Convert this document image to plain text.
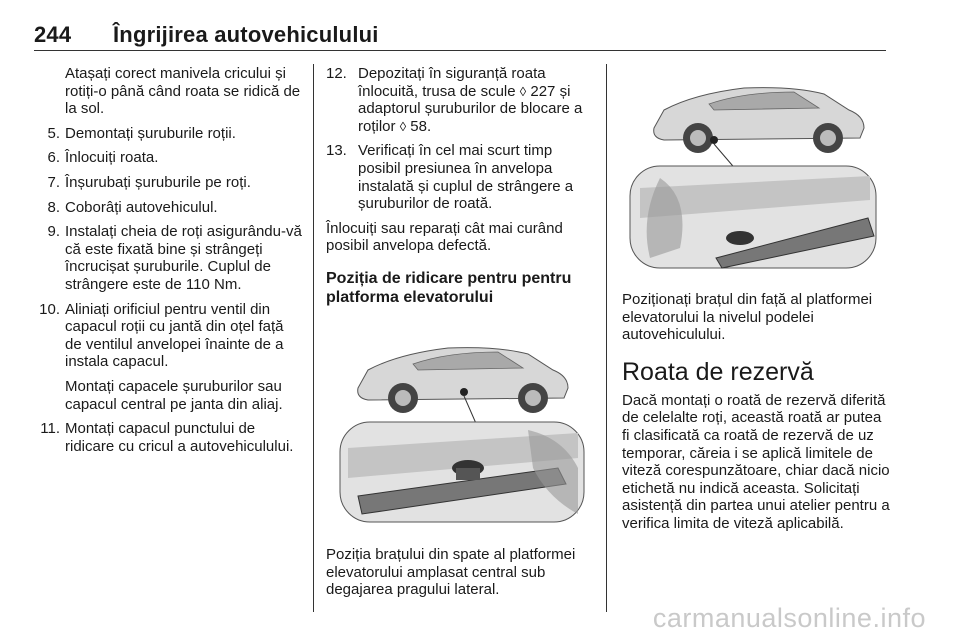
244 Îngrijirea autovehiculului
Atașați corect manivela cricului și rotiți-o până când roata se ridică de la sol.
5. Demontați șuruburile roții.
6. Înlocuiți roata.
7. Înșurubați șuruburile pe roți.
8. Coborâți autovehiculul.
9. Instalați cheia de roți asigurându-vă că este fixată bine și strângeți încrucișat șuruburile. Cuplul de strângere este de 110 Nm.
10. Aliniați orificiul pentru ventil din capacul roții cu jantă din oțel față de ventilul anvelopei înainte de a instala capacul.
Montați capacele șuruburilor sau capacul central pe janta din aliaj.
11. Montați capacul punctului de ridicare cu cricul a autovehiculului.
12. Depozitați în siguranță roata înlocuită, trusa de scule ◊ 227 și adaptorul șuruburilor de blocare a roților ◊ 58.
13. Verificați în cel mai scurt timp posibil presiunea în anvelopa instalată și cuplul de strângere a șuruburilor de roată.
Înlocuiți sau reparați cât mai curând posibil anvelopa defectă.
Poziția de ridicare pentru pentru platforma elevatorului
Poziția brațului din spate al platformei elevatorului amplasat central sub degajarea pragului lateral.
Poziționați brațul din față al platformei elevatorului la nivelul podelei autovehiculului.
Roata de rezervă
Dacă montați o roată de rezervă diferită de celelalte roți, această roată ar putea fi clasificată ca roată de rezervă de uz temporar, căreia i se aplică limitele de viteză corespunzătoare, chiar dacă nicio etichetă nu indică aceasta. Solicitați asistență din partea unui atelier pentru a verifica limita de viteză aplicabilă.
carmanualsonline.info
